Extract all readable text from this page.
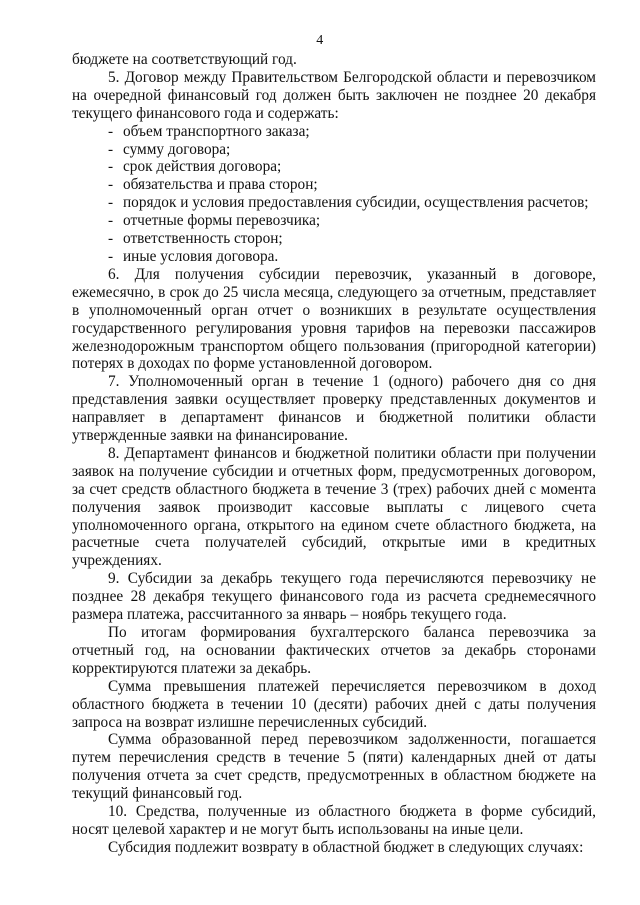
4

бюджете на соответствующий год.

5. Договор между Правительством Белгородской области и перевозчиком на очередной финансовый год должен быть заключен не позднее 20 декабря текущего финансового года и содержать:

- объем транспортного заказа;
- сумму договора;
- срок действия договора;
- обязательства и права сторон;
- порядок и условия предоставления субсидии, осуществления расчетов;
- отчетные формы перевозчика;
- ответственность сторон;
- иные условия договора.

6. Для получения субсидии перевозчик, указанный в договоре, ежемесячно, в срок до 25 числа месяца, следующего за отчетным, представляет в уполномоченный орган отчет о возникших в результате осуществления государственного регулирования уровня тарифов на перевозки пассажиров железнодорожным транспортом общего пользования (пригородной категории) потерях в доходах по форме установленной договором.

7. Уполномоченный орган в течение 1 (одного) рабочего дня со дня представления заявки осуществляет проверку представленных документов и направляет в департамент финансов и бюджетной политики области утвержденные заявки на финансирование.

8. Департамент финансов и бюджетной политики области при получении заявок на получение субсидии и отчетных форм, предусмотренных договором, за счет средств областного бюджета в течение 3 (трех) рабочих дней с момента получения заявок производит кассовые выплаты с лицевого счета уполномоченного органа, открытого на едином счете областного бюджета, на расчетные счета получателей субсидий, открытые ими в кредитных учреждениях.

9. Субсидии за декабрь текущего года перечисляются перевозчику не позднее 28 декабря текущего финансового года из расчета среднемесячного размера платежа, рассчитанного за январь – ноябрь текущего года.

По итогам формирования бухгалтерского баланса перевозчика за отчетный год, на основании фактических отчетов за декабрь сторонами корректируются платежи за декабрь.

Сумма превышения платежей перечисляется перевозчиком в доход областного бюджета в течении 10 (десяти) рабочих дней с даты получения запроса на возврат излишне перечисленных субсидий.

Сумма образованной перед перевозчиком задолженности, погашается путем перечисления средств в течение 5 (пяти) календарных дней от даты получения отчета за счет средств, предусмотренных в областном бюджете на текущий финансовый год.

10. Средства, полученные из областного бюджета в форме субсидий, носят целевой характер и не могут быть использованы на иные цели.

Субсидия подлежит возврату в областной бюджет в следующих случаях:
